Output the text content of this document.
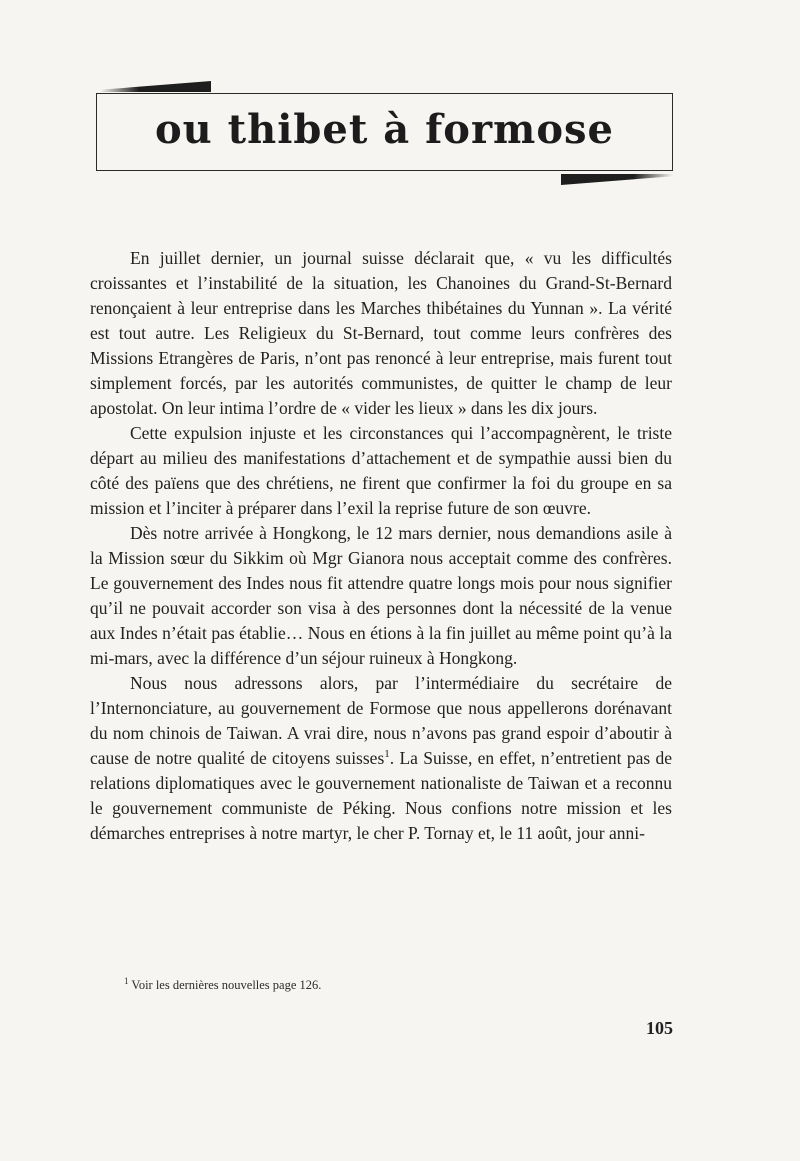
ou thibet à formose

En juillet dernier, un journal suisse déclarait que, « vu les difficultés croissantes et l’instabilité de la situation, les Chanoines du Grand-St-Bernard renonçaient à leur entreprise dans les Marches thibétaines du Yunnan ». La vérité est tout autre. Les Religieux du St-Bernard, tout comme leurs confrères des Missions Etrangères de Paris, n’ont pas renoncé à leur entreprise, mais furent tout simplement forcés, par les autorités communistes, de quitter le champ de leur apostolat. On leur intima l’ordre de « vider les lieux » dans les dix jours.

Cette expulsion injuste et les circonstances qui l’accompagnèrent, le triste départ au milieu des manifestations d’attachement et de sympathie aussi bien du côté des païens que des chrétiens, ne firent que confirmer la foi du groupe en sa mission et l’inciter à préparer dans l’exil la reprise future de son œuvre.

Dès notre arrivée à Hongkong, le 12 mars dernier, nous demandions asile à la Mission sœur du Sikkim où Mgr Gianora nous acceptait comme des confrères. Le gouvernement des Indes nous fit attendre quatre longs mois pour nous signifier qu’il ne pouvait accorder son visa à des personnes dont la nécessité de la venue aux Indes n’était pas établie… Nous en étions à la fin juillet au même point qu’à la mi-mars, avec la différence d’un séjour ruineux à Hongkong.

Nous nous adressons alors, par l’intermédiaire du secrétaire de l’Internonciature, au gouvernement de Formose que nous appellerons dorénavant du nom chinois de Taiwan. A vrai dire, nous n’avons pas grand espoir d’aboutir à cause de notre qualité de citoyens suisses$^1$. La Suisse, en effet, n’entretient pas de relations diplomatiques avec le gouvernement nationaliste de Taiwan et a reconnu le gouvernement communiste de Péking. Nous confions notre mission et les démarches entreprises à notre martyr, le cher P. Tornay et, le 11 août, jour anni-

$^1$ Voir les dernières nouvelles page 126.
105
